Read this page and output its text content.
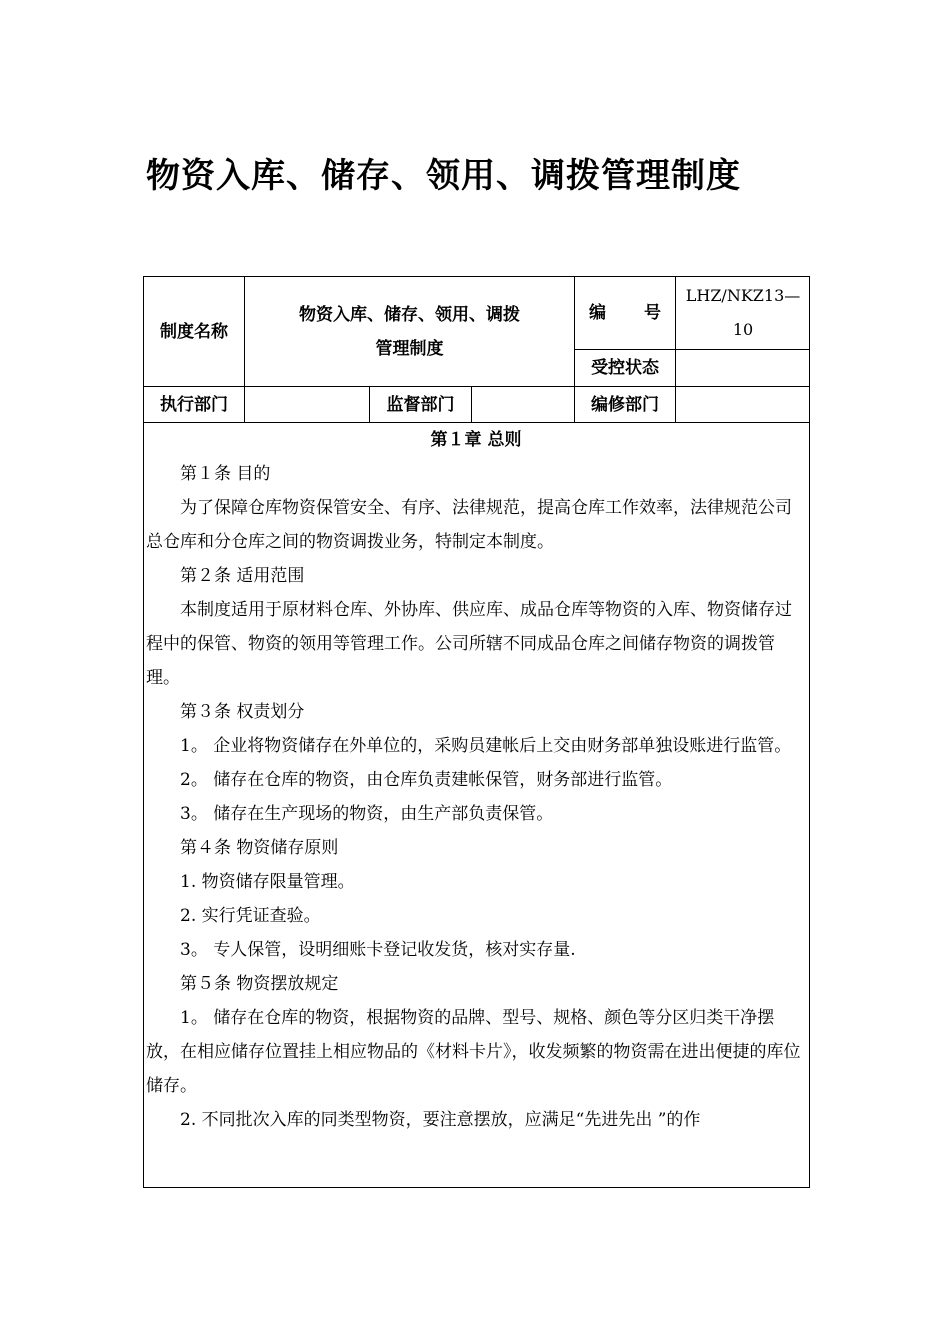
物资入库、储存、领用、调拨管理制度
制度名称
物资入库、储存、领用、调拨
管理制度
编 号
LHZ/NKZ13—
10
受控状态
执行部门	监督部门	编修部门

第１章 总则

第１条 目的

为了保障仓库物资保管安全、有序、法律规范，提高仓库工作效率，法律规范公司总仓库和分仓库之间的物资调拨业务，特制定本制度。

第２条 适用范围

本制度适用于原材料仓库、外协库、供应库、成品仓库等物资的入库、物资储存过程中的保管、物资的领用等管理工作。公司所辖不同成品仓库之间储存物资的调拨管理。

第３条 权责划分

1。 企业将物资储存在外单位的，采购员建帐后上交由财务部单独设账进行监管。

2。 储存在仓库的物资，由仓库负责建帐保管，财务部进行监管。

3。 储存在生产现场的物资，由生产部负责保管。

第４条 物资储存原则

1. 物资储存限量管理。

2. 实行凭证查验。

3。 专人保管，设明细账卡登记收发货，核对实存量.

第５条 物资摆放规定

1。 储存在仓库的物资，根据物资的品牌、型号、规格、颜色等分区归类干净摆放，在相应储存位置挂上相应物品的《材料卡片》，收发频繁的物资需在进出便捷的库位储存。

2. 不同批次入库的同类型物资，要注意摆放，应满足“先进先出 ”的作
